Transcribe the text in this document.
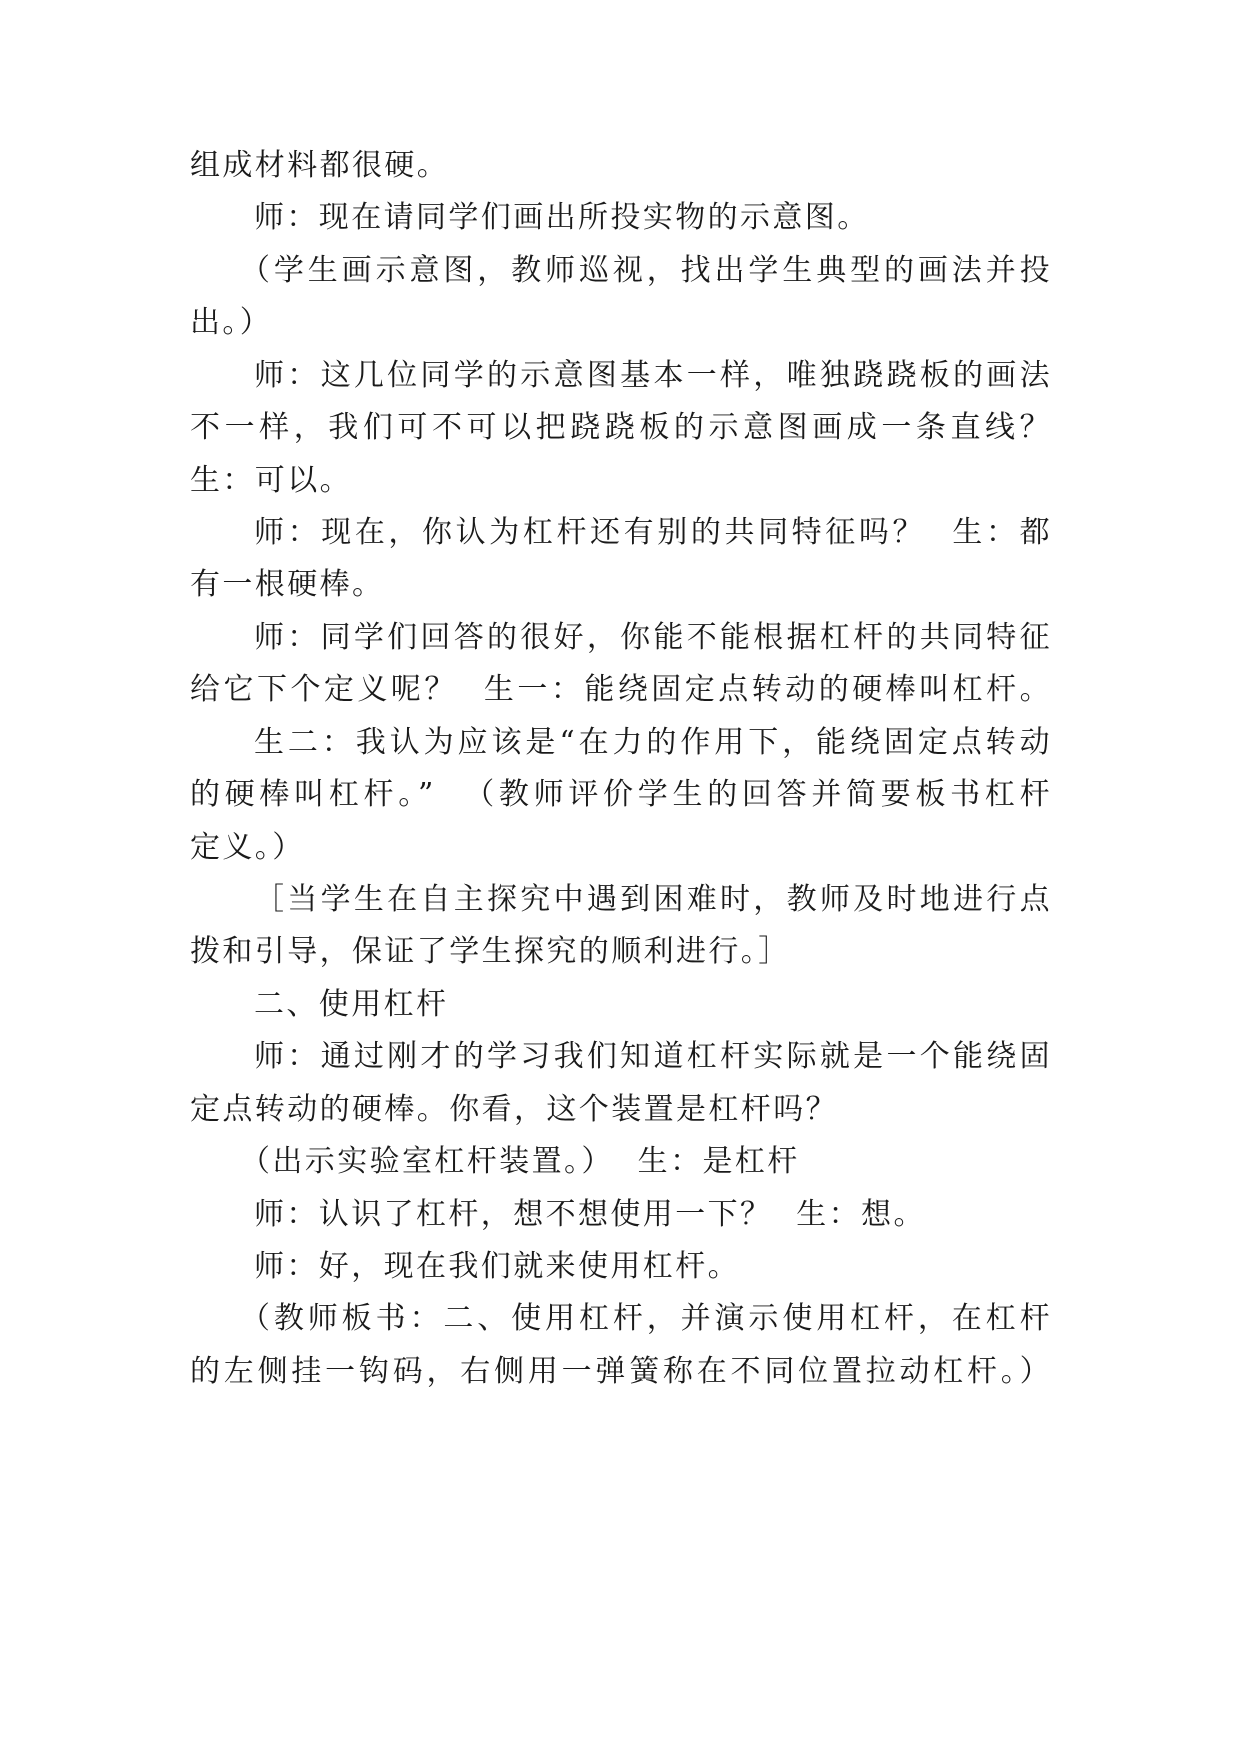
组成材料都很硬。
师：现在请同学们画出所投实物的示意图。
（学生画示意图，教师巡视，找出学生典型的画法并投
出。）
师：这几位同学的示意图基本一样，唯独跷跷板的画法
不一样，我们可不可以把跷跷板的示意图画成一条直线？
生：可以。
师：现在，你认为杠杆还有别的共同特征吗？  生：都
有一根硬棒。
师：同学们回答的很好，你能不能根据杠杆的共同特征
给它下个定义呢？  生一：能绕固定点转动的硬棒叫杠杆。
生二：我认为应该是“在力的作用下，能绕固定点转动
的硬棒叫杠杆。”  （教师评价学生的回答并简要板书杠杆
定义。）
［当学生在自主探究中遇到困难时，教师及时地进行点
拨和引导，保证了学生探究的顺利进行。］
二、使用杠杆
师：通过刚才的学习我们知道杠杆实际就是一个能绕固
定点转动的硬棒。你看，这个装置是杠杆吗？
（出示实验室杠杆装置。）  生：是杠杆
师：认识了杠杆，想不想使用一下？  生：想。
师：好，现在我们就来使用杠杆。
（教师板书：二、使用杠杆，并演示使用杠杆，在杠杆
的左侧挂一钩码，右侧用一弹簧称在不同位置拉动杠杆。）
